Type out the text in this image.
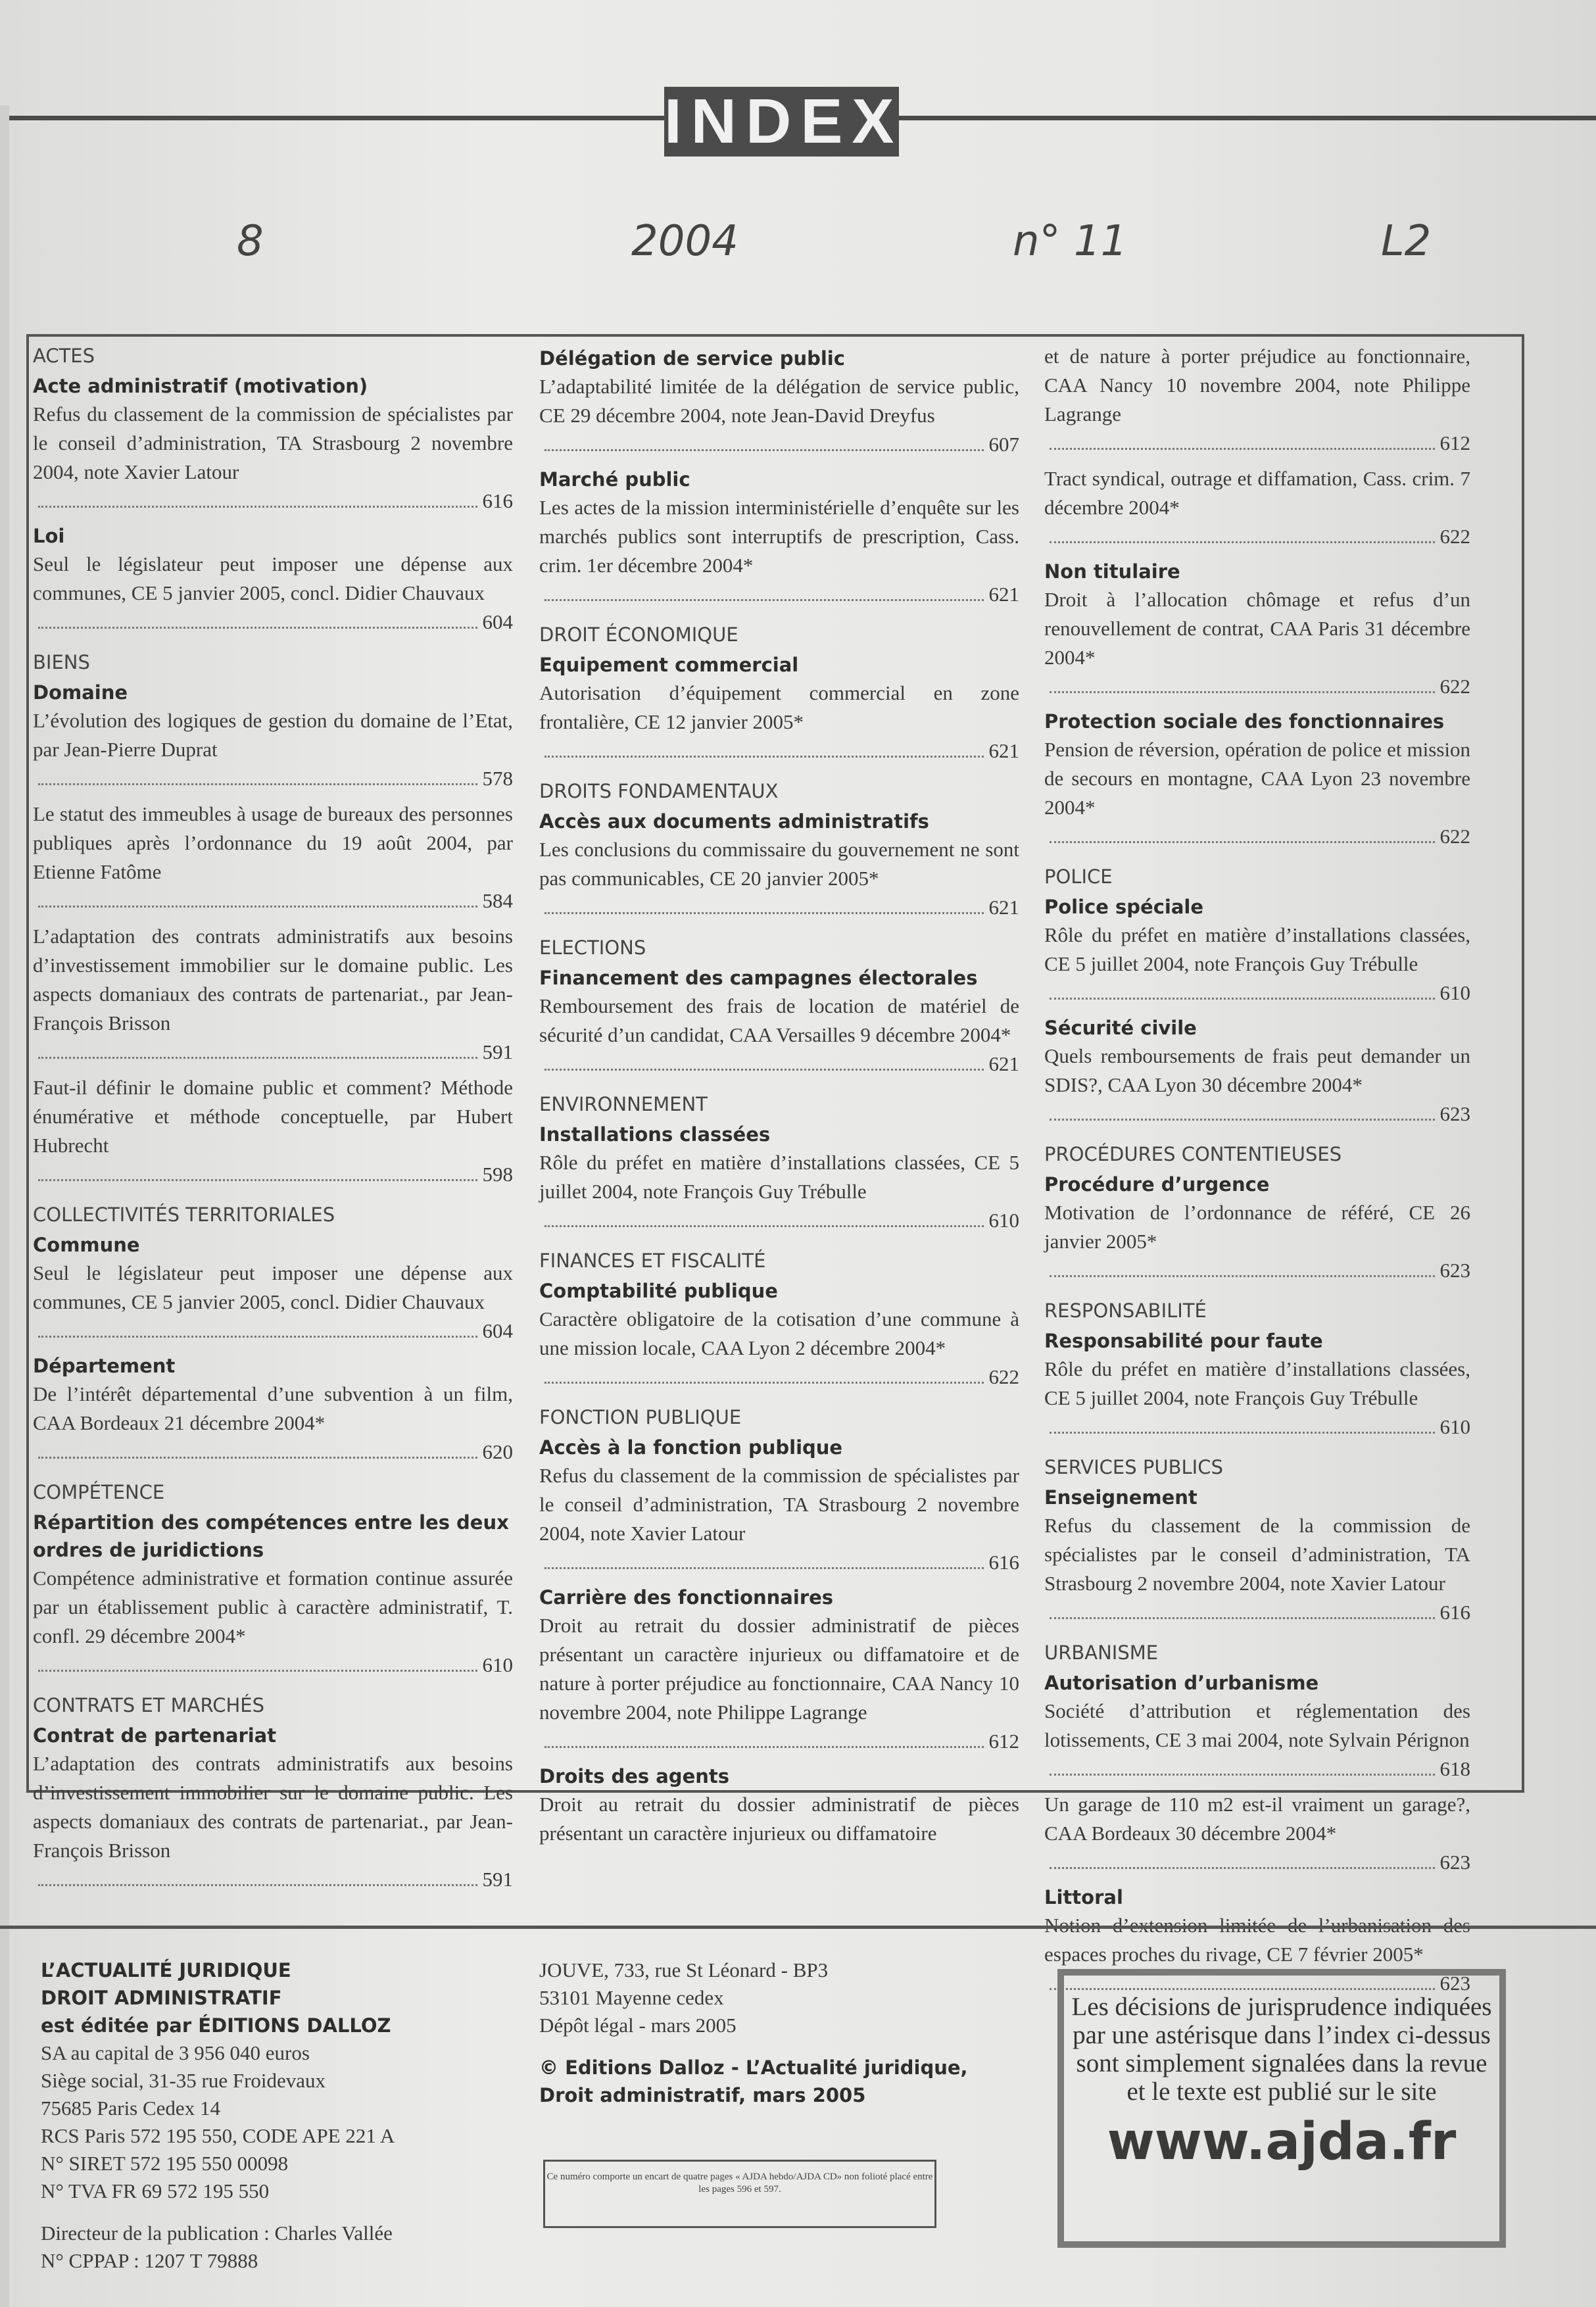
INDEX
8	2004	n° 11	L2
ACTES
Acte administratif (motivation)
Refus du classement de la commission de spécialistes par le conseil d’administration, TA Strasbourg 2 novembre 2004, note Xavier Latour
616
Loi
Seul le législateur peut imposer une dépense aux communes, CE 5 janvier 2005, concl. Didier Chauvaux
604
BIENS
Domaine
L’évolution des logiques de gestion du domaine de l’Etat, par Jean-Pierre Duprat
578
Le statut des immeubles à usage de bureaux des personnes publiques après l’ordonnance du 19 août 2004, par Etienne Fatôme
584
L’adaptation des contrats administratifs aux besoins d’investissement immobilier sur le domaine public. Les aspects domaniaux des contrats de partenariat., par Jean-François Brisson
591
Faut-il définir le domaine public et comment? Méthode énumérative et méthode conceptuelle, par Hubert Hubrecht
598
COLLECTIVITÉS TERRITORIALES
Commune
Seul le législateur peut imposer une dépense aux communes, CE 5 janvier 2005, concl. Didier Chauvaux
604
Département
De l’intérêt départemental d’une subvention à un film, CAA Bordeaux 21 décembre 2004*
620
COMPÉTENCE
Répartition des compétences entre les deux ordres de juridictions
Compétence administrative et formation continue assurée par un établissement public à caractère administratif, T. confl. 29 décembre 2004*
610
CONTRATS ET MARCHÉS
Contrat de partenariat
L’adaptation des contrats administratifs aux besoins d’investissement immobilier sur le domaine public. Les aspects domaniaux des contrats de partenariat., par Jean-François Brisson
591
Délégation de service public
L’adaptabilité limitée de la délégation de service public, CE 29 décembre 2004, note Jean-David Dreyfus
607
Marché public
Les actes de la mission interministérielle d’enquête sur les marchés publics sont interruptifs de prescription, Cass. crim. 1er décembre 2004*
621
DROIT ÉCONOMIQUE
Equipement commercial
Autorisation d’équipement commercial en zone frontalière, CE 12 janvier 2005*
621
DROITS FONDAMENTAUX
Accès aux documents administratifs
Les conclusions du commissaire du gouvernement ne sont pas communicables, CE 20 janvier 2005*
621
ELECTIONS
Financement des campagnes électorales
Remboursement des frais de location de matériel de sécurité d’un candidat, CAA Versailles 9 décembre 2004*
621
ENVIRONNEMENT
Installations classées
Rôle du préfet en matière d’installations classées, CE 5 juillet 2004, note François Guy Trébulle
610
FINANCES ET FISCALITÉ
Comptabilité publique
Caractère obligatoire de la cotisation d’une commune à une mission locale, CAA Lyon 2 décembre 2004*
622
FONCTION PUBLIQUE
Accès à la fonction publique
Refus du classement de la commission de spécialistes par le conseil d’administration, TA Strasbourg 2 novembre 2004, note Xavier Latour
616
Carrière des fonctionnaires
Droit au retrait du dossier administratif de pièces présentant un caractère injurieux ou diffamatoire et de nature à porter préjudice au fonctionnaire, CAA Nancy 10 novembre 2004, note Philippe Lagrange
612
Droits des agents
Droit au retrait du dossier administratif de pièces présentant un caractère injurieux ou diffamatoire
et de nature à porter préjudice au fonctionnaire, CAA Nancy 10 novembre 2004, note Philippe Lagrange
612
Tract syndical, outrage et diffamation, Cass. crim. 7 décembre 2004*
622
Non titulaire
Droit à l’allocation chômage et refus d’un renouvellement de contrat, CAA Paris 31 décembre 2004*
622
Protection sociale des fonctionnaires
Pension de réversion, opération de police et mission de secours en montagne, CAA Lyon 23 novembre 2004*
622
POLICE
Police spéciale
Rôle du préfet en matière d’installations classées, CE 5 juillet 2004, note François Guy Trébulle
610
Sécurité civile
Quels remboursements de frais peut demander un SDIS?, CAA Lyon 30 décembre 2004*
623
PROCÉDURES CONTENTIEUSES
Procédure d’urgence
Motivation de l’ordonnance de référé, CE 26 janvier 2005*
623
RESPONSABILITÉ
Responsabilité pour faute
Rôle du préfet en matière d’installations classées, CE 5 juillet 2004, note François Guy Trébulle
610
SERVICES PUBLICS
Enseignement
Refus du classement de la commission de spécialistes par le conseil d’administration, TA Strasbourg 2 novembre 2004, note Xavier Latour
616
URBANISME
Autorisation d’urbanisme
Société d’attribution et réglementation des lotissements, CE 3 mai 2004, note Sylvain Pérignon
618
Un garage de 110 m2 est-il vraiment un garage?, CAA Bordeaux 30 décembre 2004*
623
Littoral
espaces proches du rivage, CE 7 février 2005*
623
L’ACTUALITÉ JURIDIQUE
DROIT ADMINISTRATIF
est éditée par ÉDITIONS DALLOZ
SA au capital de 3 956 040 euros
Siège social, 31-35 rue Froidevaux
75685 Paris Cedex 14
RCS Paris 572 195 550, CODE APE 221 A
N° SIRET 572 195 550 00098
N° TVA FR 69 572 195 550
Directeur de la publication : Charles Vallée
N° CPPAP : 1207 T 79888
JOUVE, 733, rue St Léonard - BP3
53101 Mayenne cedex
Dépôt légal - mars 2005
© Editions Dalloz - L’Actualité juridique, Droit administratif, mars 2005
Ce numéro comporte un encart de quatre pages « AJDA hebdo/AJDA CD» non folioté placé entre les pages 596 et 597.
Les décisions de jurisprudence indiquées par une astérisque dans l’index ci-dessus sont simplement signalées dans la revue et le texte est publié sur le site
www.ajda.fr
